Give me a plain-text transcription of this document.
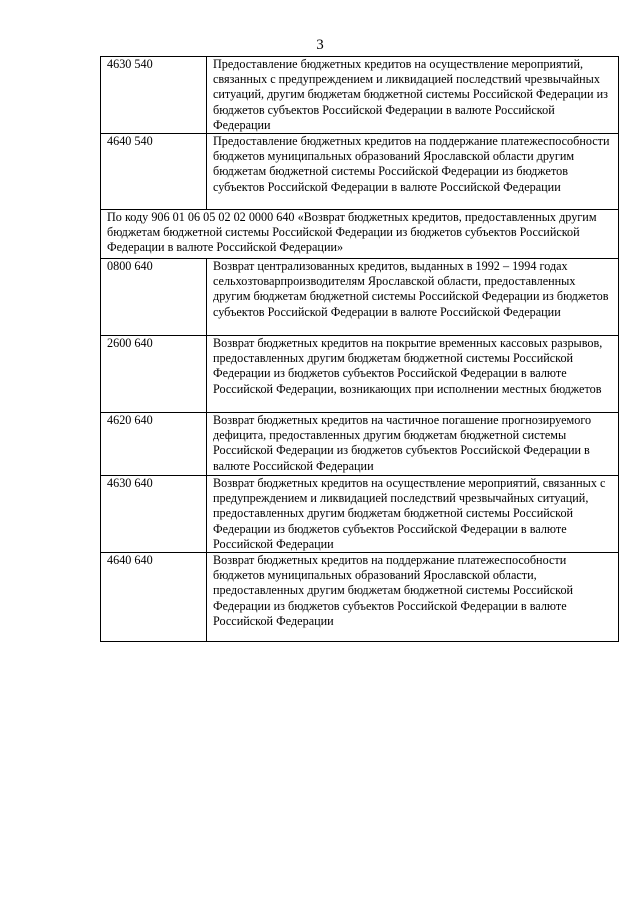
3
4630 540	Предоставление бюджетных кредитов на осуществление мероприятий, связанных с предупреждением и ликвидацией последствий чрезвычайных ситуаций, другим бюджетам бюджетной системы Российской Федерации из бюджетов субъектов Российской Федерации в валюте Российской Федерации
4640 540	Предоставление бюджетных кредитов на поддержание платежеспособности бюджетов муниципальных образований Ярославской области другим бюджетам бюджетной системы Российской Федерации из бюджетов субъектов Российской Федерации в валюте Российской Федерации
По коду 906 01 06 05 02 02 0000 640 «Возврат бюджетных кредитов, предоставленных другим бюджетам бюджетной системы Российской Федерации из бюджетов субъектов Российской Федерации в валюте Российской Федерации»	
0800 640	Возврат централизованных кредитов, выданных в 1992 – 1994 годах сельхозтоварпроизводителям Ярославской области, предоставленных другим бюджетам бюджетной системы Российской Федерации из бюджетов субъектов Российской Федерации в валюте Российской Федерации
2600 640	Возврат бюджетных кредитов на покрытие временных кассовых разрывов, предоставленных другим бюджетам бюджетной системы Российской Федерации из бюджетов субъектов Российской Федерации в валюте Российской Федерации, возникающих при исполнении местных бюджетов
4620 640	Возврат бюджетных кредитов на частичное погашение прогнозируемого дефицита, предоставленных другим бюджетам бюджетной системы Российской Федерации из бюджетов субъектов Российской Федерации в валюте Российской Федерации
4630 640	Возврат бюджетных кредитов на осуществление мероприятий, связанных с предупреждением и ликвидацией последствий чрезвычайных ситуаций, предоставленных другим бюджетам бюджетной системы Российской Федерации из бюджетов субъектов Российской Федерации в валюте Российской Федерации
4640 640	Возврат бюджетных кредитов на поддержание платежеспособности бюджетов муниципальных образований Ярославской области, предоставленных другим бюджетам бюджетной системы Российской Федерации из бюджетов субъектов Российской Федерации в валюте Российской Федерации
